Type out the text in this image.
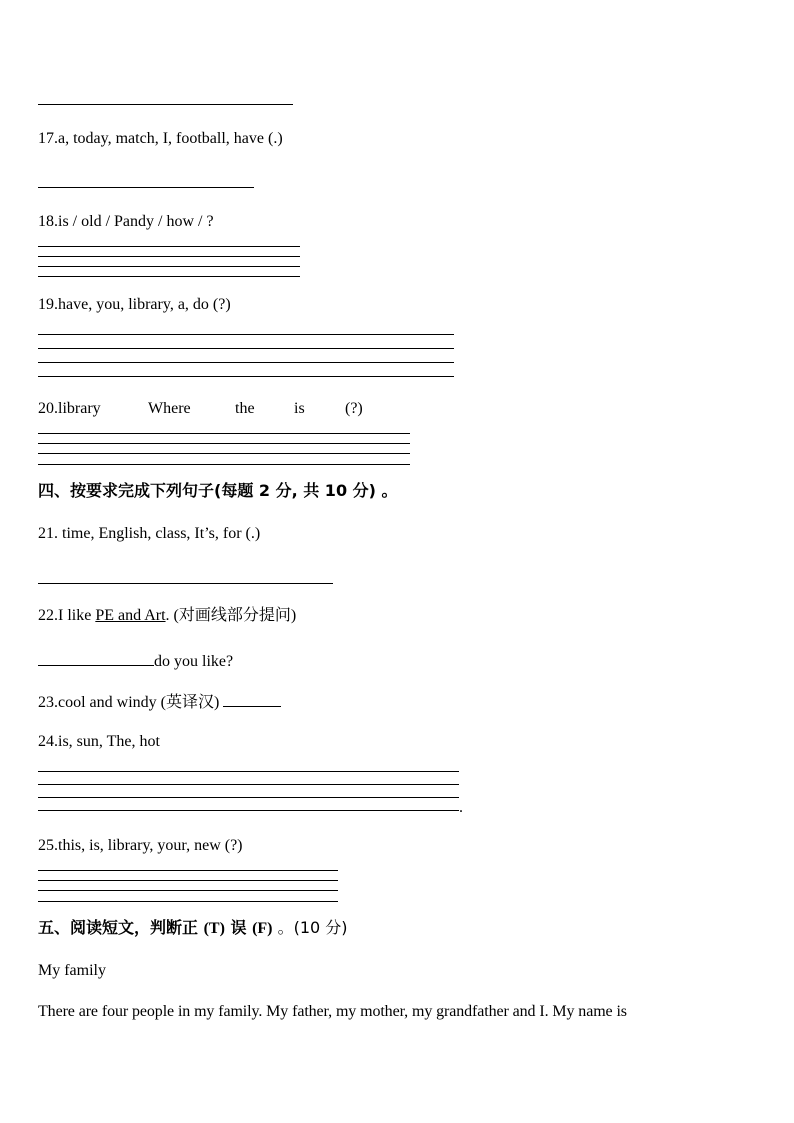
17.a, today, match, I, football, have (.)
18.is / old / Pandy / how / ?
19.have, you, library, a, do (?)
20.library	Where	the is	(?)
四、按要求完成下列句子(每题 2 分, 共 10 分) 。
21. time, English, class, It’s, for (.)
22.I like PE and Art. (对画线部分提问)
do you like?
23.cool and windy (英译汉)
24.is, sun, The, hot
.
25.this, is, library, your, new (?)
五、阅读短文，判断正 (T) 误 (F) 。(10 分)
My family
There are four people in my family. My father, my mother, my grandfather and I. My name is
